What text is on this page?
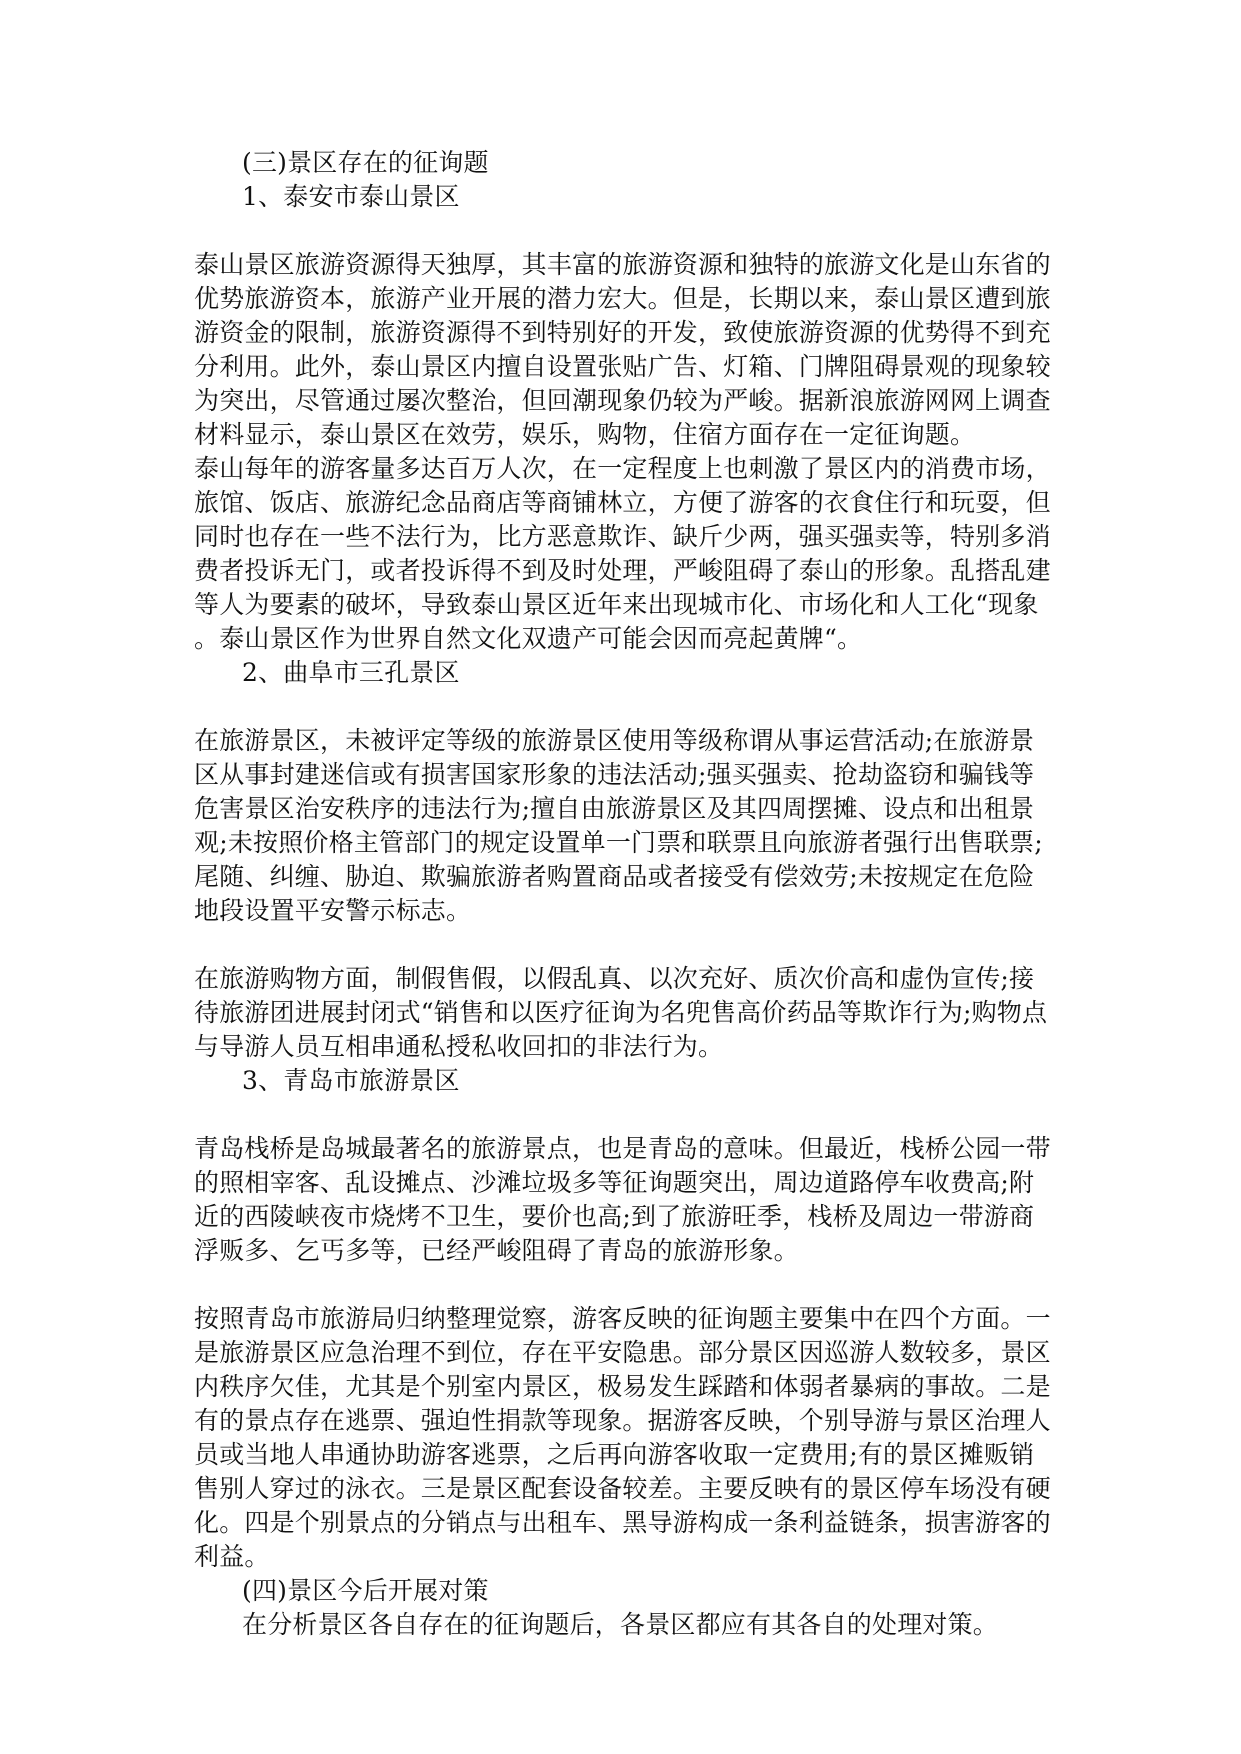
(三)景区存在的征询题
1、泰安市泰山景区
泰山景区旅游资源得天独厚，其丰富的旅游资源和独特的旅游文化是山东省的
优势旅游资本，旅游产业开展的潜力宏大。但是，长期以来，泰山景区遭到旅
游资金的限制，旅游资源得不到特别好的开发，致使旅游资源的优势得不到充
分利用。此外，泰山景区内擅自设置张贴广告、灯箱、门牌阻碍景观的现象较
为突出，尽管通过屡次整治，但回潮现象仍较为严峻。据新浪旅游网网上调查
材料显示，泰山景区在效劳，娱乐，购物，住宿方面存在一定征询题。
泰山每年的游客量多达百万人次，在一定程度上也刺激了景区内的消费市场，
旅馆、饭店、旅游纪念品商店等商铺林立，方便了游客的衣食住行和玩耍，但
同时也存在一些不法行为，比方恶意欺诈、缺斤少两，强买强卖等，特别多消
费者投诉无门，或者投诉得不到及时处理，严峻阻碍了泰山的形象。乱搭乱建
等人为要素的破坏，导致泰山景区近年来出现城市化、市场化和人工化“现象
。泰山景区作为世界自然文化双遗产可能会因而亮起黄牌“。
2、曲阜市三孔景区
在旅游景区，未被评定等级的旅游景区使用等级称谓从事运营活动;在旅游景
区从事封建迷信或有损害国家形象的违法活动;强买强卖、抢劫盗窃和骗钱等
危害景区治安秩序的违法行为;擅自由旅游景区及其四周摆摊、设点和出租景
观;未按照价格主管部门的规定设置单一门票和联票且向旅游者强行出售联票;
尾随、纠缠、胁迫、欺骗旅游者购置商品或者接受有偿效劳;未按规定在危险
地段设置平安警示标志。
在旅游购物方面，制假售假，以假乱真、以次充好、质次价高和虚伪宣传;接
待旅游团进展封闭式“销售和以医疗征询为名兜售高价药品等欺诈行为;购物点
与导游人员互相串通私授私收回扣的非法行为。
3、青岛市旅游景区
青岛栈桥是岛城最著名的旅游景点，也是青岛的意味。但最近，栈桥公园一带
的照相宰客、乱设摊点、沙滩垃圾多等征询题突出，周边道路停车收费高;附
近的西陵峡夜市烧烤不卫生，要价也高;到了旅游旺季，栈桥及周边一带游商
浮贩多、乞丐多等，已经严峻阻碍了青岛的旅游形象。
按照青岛市旅游局归纳整理觉察，游客反映的征询题主要集中在四个方面。一
是旅游景区应急治理不到位，存在平安隐患。部分景区因巡游人数较多，景区
内秩序欠佳，尤其是个别室内景区，极易发生踩踏和体弱者暴病的事故。二是
有的景点存在逃票、强迫性捐款等现象。据游客反映，个别导游与景区治理人
员或当地人串通协助游客逃票，之后再向游客收取一定费用;有的景区摊贩销
售别人穿过的泳衣。三是景区配套设备较差。主要反映有的景区停车场没有硬
化。四是个别景点的分销点与出租车、黑导游构成一条利益链条，损害游客的
利益。
(四)景区今后开展对策
在分析景区各自存在的征询题后，各景区都应有其各自的处理对策。
